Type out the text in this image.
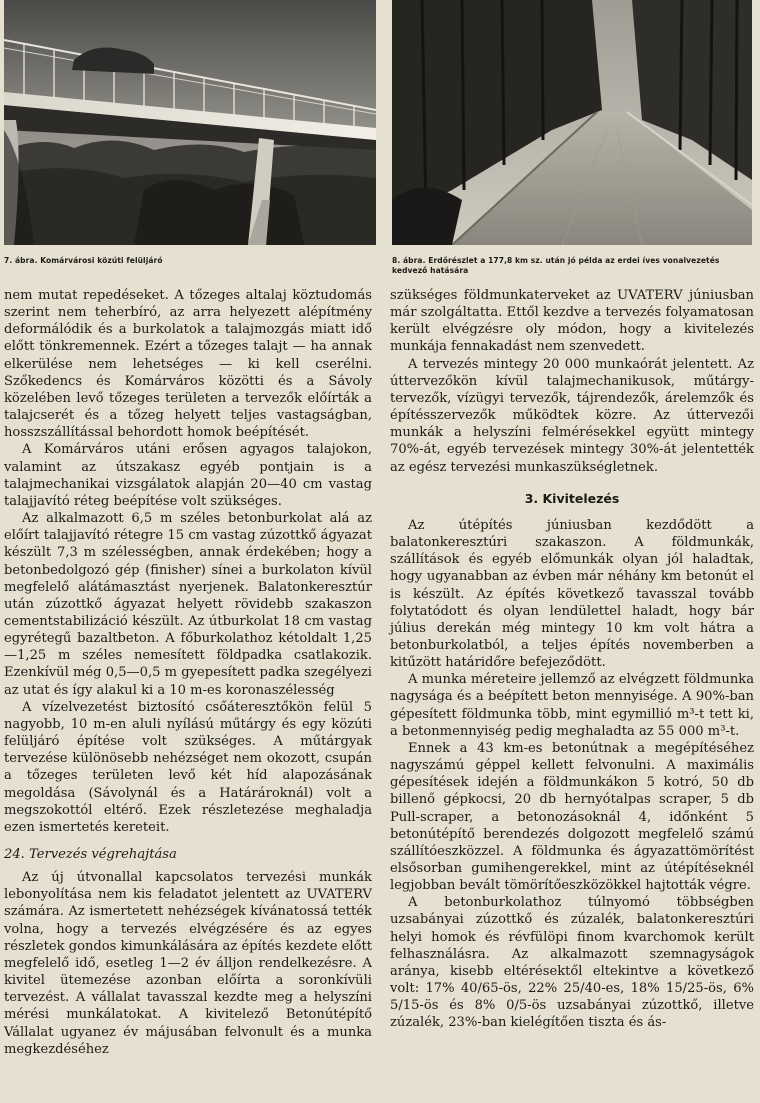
7. ábra. Komárvárosi közúti felüljáró	8. ábra. Erdőrészlet a 177,8 km sz. után jó példa az erdei íves vonalvezetés kedvező hatására

nem mutat repedéseket. A tőzeges altalaj köztudomás szerint nem teherbíró, az arra helyezett alépítmény deformálódik és a burkolatok a talajmozgás miatt idő előtt tönkremennek. Ezért a tőzeges talajt — ha annak elkerülése nem lehetséges — ki kell cserélni. Szőkedencs és Komárváros közötti és a Sávoly közelében levő tőzeges területen a tervezők előírták a talajcserét és a tőzeg helyett teljes vastagságban, hosszszállítással behordott homok beépítését.

A Komárváros utáni erősen agyagos talajokon, valamint az útszakasz egyéb pontjain is a talajmechanikai vizsgálatok alapján 20—40 cm vastag talajjavító réteg beépítése volt szükséges.

Az alkalmazott 6,5 m széles betonburkolat alá az előírt talajjavító rétegre 15 cm vastag zúzottkő ágyazat készült 7,3 m szélességben, annak érdekében; hogy a betonbedolgozó gép (finisher) sínei a burkolaton kívül megfelelő alátámasztást nyerjenek. Balatonkeresztúr után zúzottkő ágyazat helyett rövidebb szakaszon cementstabilizáció készült. Az útburkolat 18 cm vastag egyrétegű bazaltbeton. A főburkolathoz kétoldalt 1,25—1,25 m széles nemesített földpadka csatlakozik. Ezenkívül még 0,5—0,5 m gyepesített padka szegélyezi az utat és így alakul ki a 10 m-es koronaszélesség

A vízelvezetést biztosító csőáteresztőkön felül 5 nagyobb, 10 m-en aluli nyílású műtárgy és egy közúti felüljáró építése volt szükséges. A műtárgyak tervezése különösebb nehézséget nem okozott, csupán a tőzeges területen levő két híd alapozásának megoldása (Sávolynál és a Határároknál) volt a megszokottól eltérő. Ezek részletezése meghaladja ezen ismertetés kereteit.

24. Tervezés végrehajtása

Az új útvonallal kapcsolatos tervezési munkák lebonyolítása nem kis feladatot jelentett az UVATERV számára. Az ismertetett nehézségek kívánatossá tették volna, hogy a tervezés elvégzésére és az egyes részletek gondos kimunkálására az építés kezdete előtt megfelelő idő, esetleg 1—2 év álljon rendelkezésre. A kivitel ütemezése azonban előírta a soronkívüli tervezést. A vállalat tavasszal kezdte meg a helyszíni mérési munkálatokat. A kivitelező Betonútépítő Vállalat ugyanez év májusában felvonult és a munka megkezdéséhez

szükséges földmunkaterveket az UVATERV júniusban már szolgáltatta. Ettől kezdve a tervezés folyamatosan került elvégzésre oly módon, hogy a kivitelezés munkája fennakadást nem szenvedett.

A tervezés mintegy 20 000 munkaórát jelentett. Az úttervezőkön kívül talajmechanikusok, műtárgy-tervezők, vízügyi tervezők, tájrendezők, árelemzők és építésszervezők működtek közre. Az úttervezői munkák a helyszíni felmérésekkel együtt mintegy 70%-át, egyéb tervezések mintegy 30%-át jelentették az egész tervezési munkaszükségletnek.

3. Kivitelezés

Az útépítés júniusban kezdődött a balatonkeresztúri szakaszon. A földmunkák, szállítások és egyéb előmunkák olyan jól haladtak, hogy ugyanabban az évben már néhány km betonút el is készült. Az építés következő tavasszal tovább folytatódott és olyan lendülettel haladt, hogy bár július derekán még mintegy 10 km volt hátra a betonburkolatból, a teljes építés novemberben a kitűzött határidőre befejeződött.

A munka méreteire jellemző az elvégzett földmunka nagysága és a beépített beton mennyisége. A 90%-ban gépesített földmunka több, mint egymillió m³-t tett ki, a betonmennyiség pedig meghaladta az 55 000 m³-t.

Ennek a 43 km-es betonútnak a megépítéséhez nagyszámú géppel kellett felvonulni. A maximális gépesítések idején a földmunkákon 5 kotró, 50 db billenő gépkocsi, 20 db hernyótalpas scraper, 5 db Pull-scraper, a betonozásoknál 4, időnként 5 betonútépítő berendezés dolgozott megfelelő számú szállítóeszközzel. A földmunka és ágyazattömörítést elsősorban gumihengerekkel, mint az útépítéseknél legjobban bevált tömörítőeszközökkel hajtották végre.

A betonburkolathoz túlnyomó többségben uzsabányai zúzottkő és zúzalék, balatonkeresztúri helyi homok és révfülöpi finom kvarchomok került felhasználásra. Az alkalmazott szemnagyságok aránya, kisebb eltérésektől eltekintve a következő volt: 17% 40/65-ös, 22% 25/40-es, 18% 15/25-ös, 6% 5/15-ös és 8% 0/5-ös uzsabányai zúzottkő, illetve zúzalék, 23%-ban kielégítően tiszta és ás-
